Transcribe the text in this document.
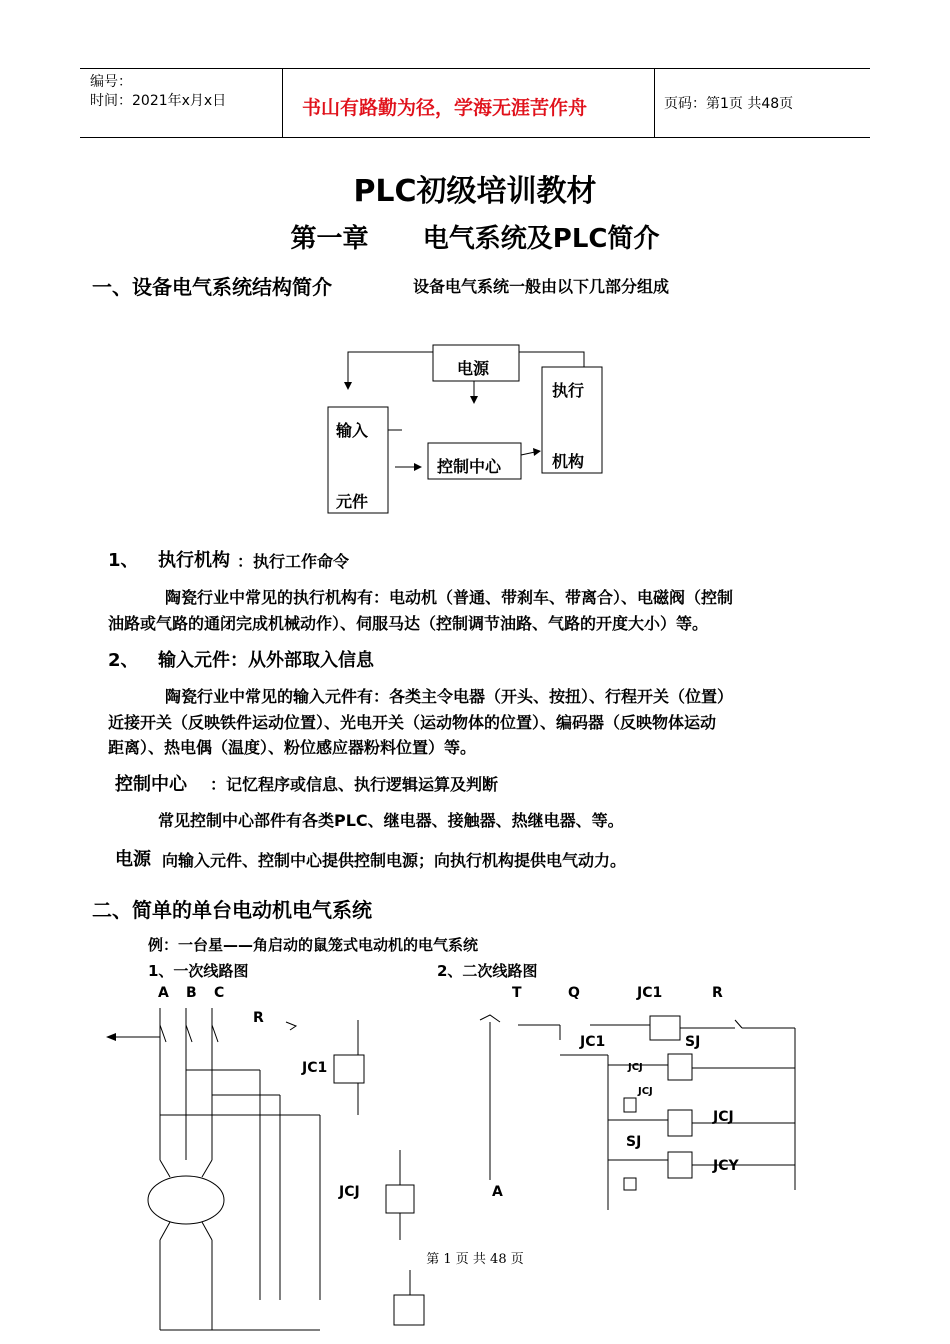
编号：
时间：2021年x月x日	书山有路勤为径，学海无涯苦作舟	页码：第1页 共48页
PLC初级培训教材
第一章      电气系统及PLC简介
一、设备电气系统结构简介	设备电气系统一般由以下几部分组成
电源
执行
机构
输入
元件
控制中心
1、 执行机构 ：执行工作命令
陶瓷行业中常见的执行机构有：电动机（普通、带刹车、带离合）、电磁阀（控制
油路或气路的通闭完成机械动作）、伺服马达（控制调节油路、气路的开度大小）等。
2、 输入元件：从外部取入信息
陶瓷行业中常见的输入元件有：各类主令电器（开头、按扭）、行程开关（位置）
近接开关（反映铁件运动位置）、光电开关（运动物体的位置）、编码器（反映物体运动
距离）、热电偶（温度）、粉位感应器粉料位置）等。
控制中心 ：记忆程序或信息、执行逻辑运算及判断
常见控制中心部件有各类PLC、继电器、接触器、热继电器、等。
电源 向输入元件、控制中心提供控制电源；向执行机构提供电气动力。
二、简单的单台电动机电气系统
例：一台星——角启动的鼠笼式电动机的电气系统
1、一次线路图	2、二次线路图
A B C
R
JC1
JCJ
T	Q	JC1	R
JC1	SJ
JCJ
JCJ
JCJ
SJ
JCY
A
第 1 页 共 48 页
